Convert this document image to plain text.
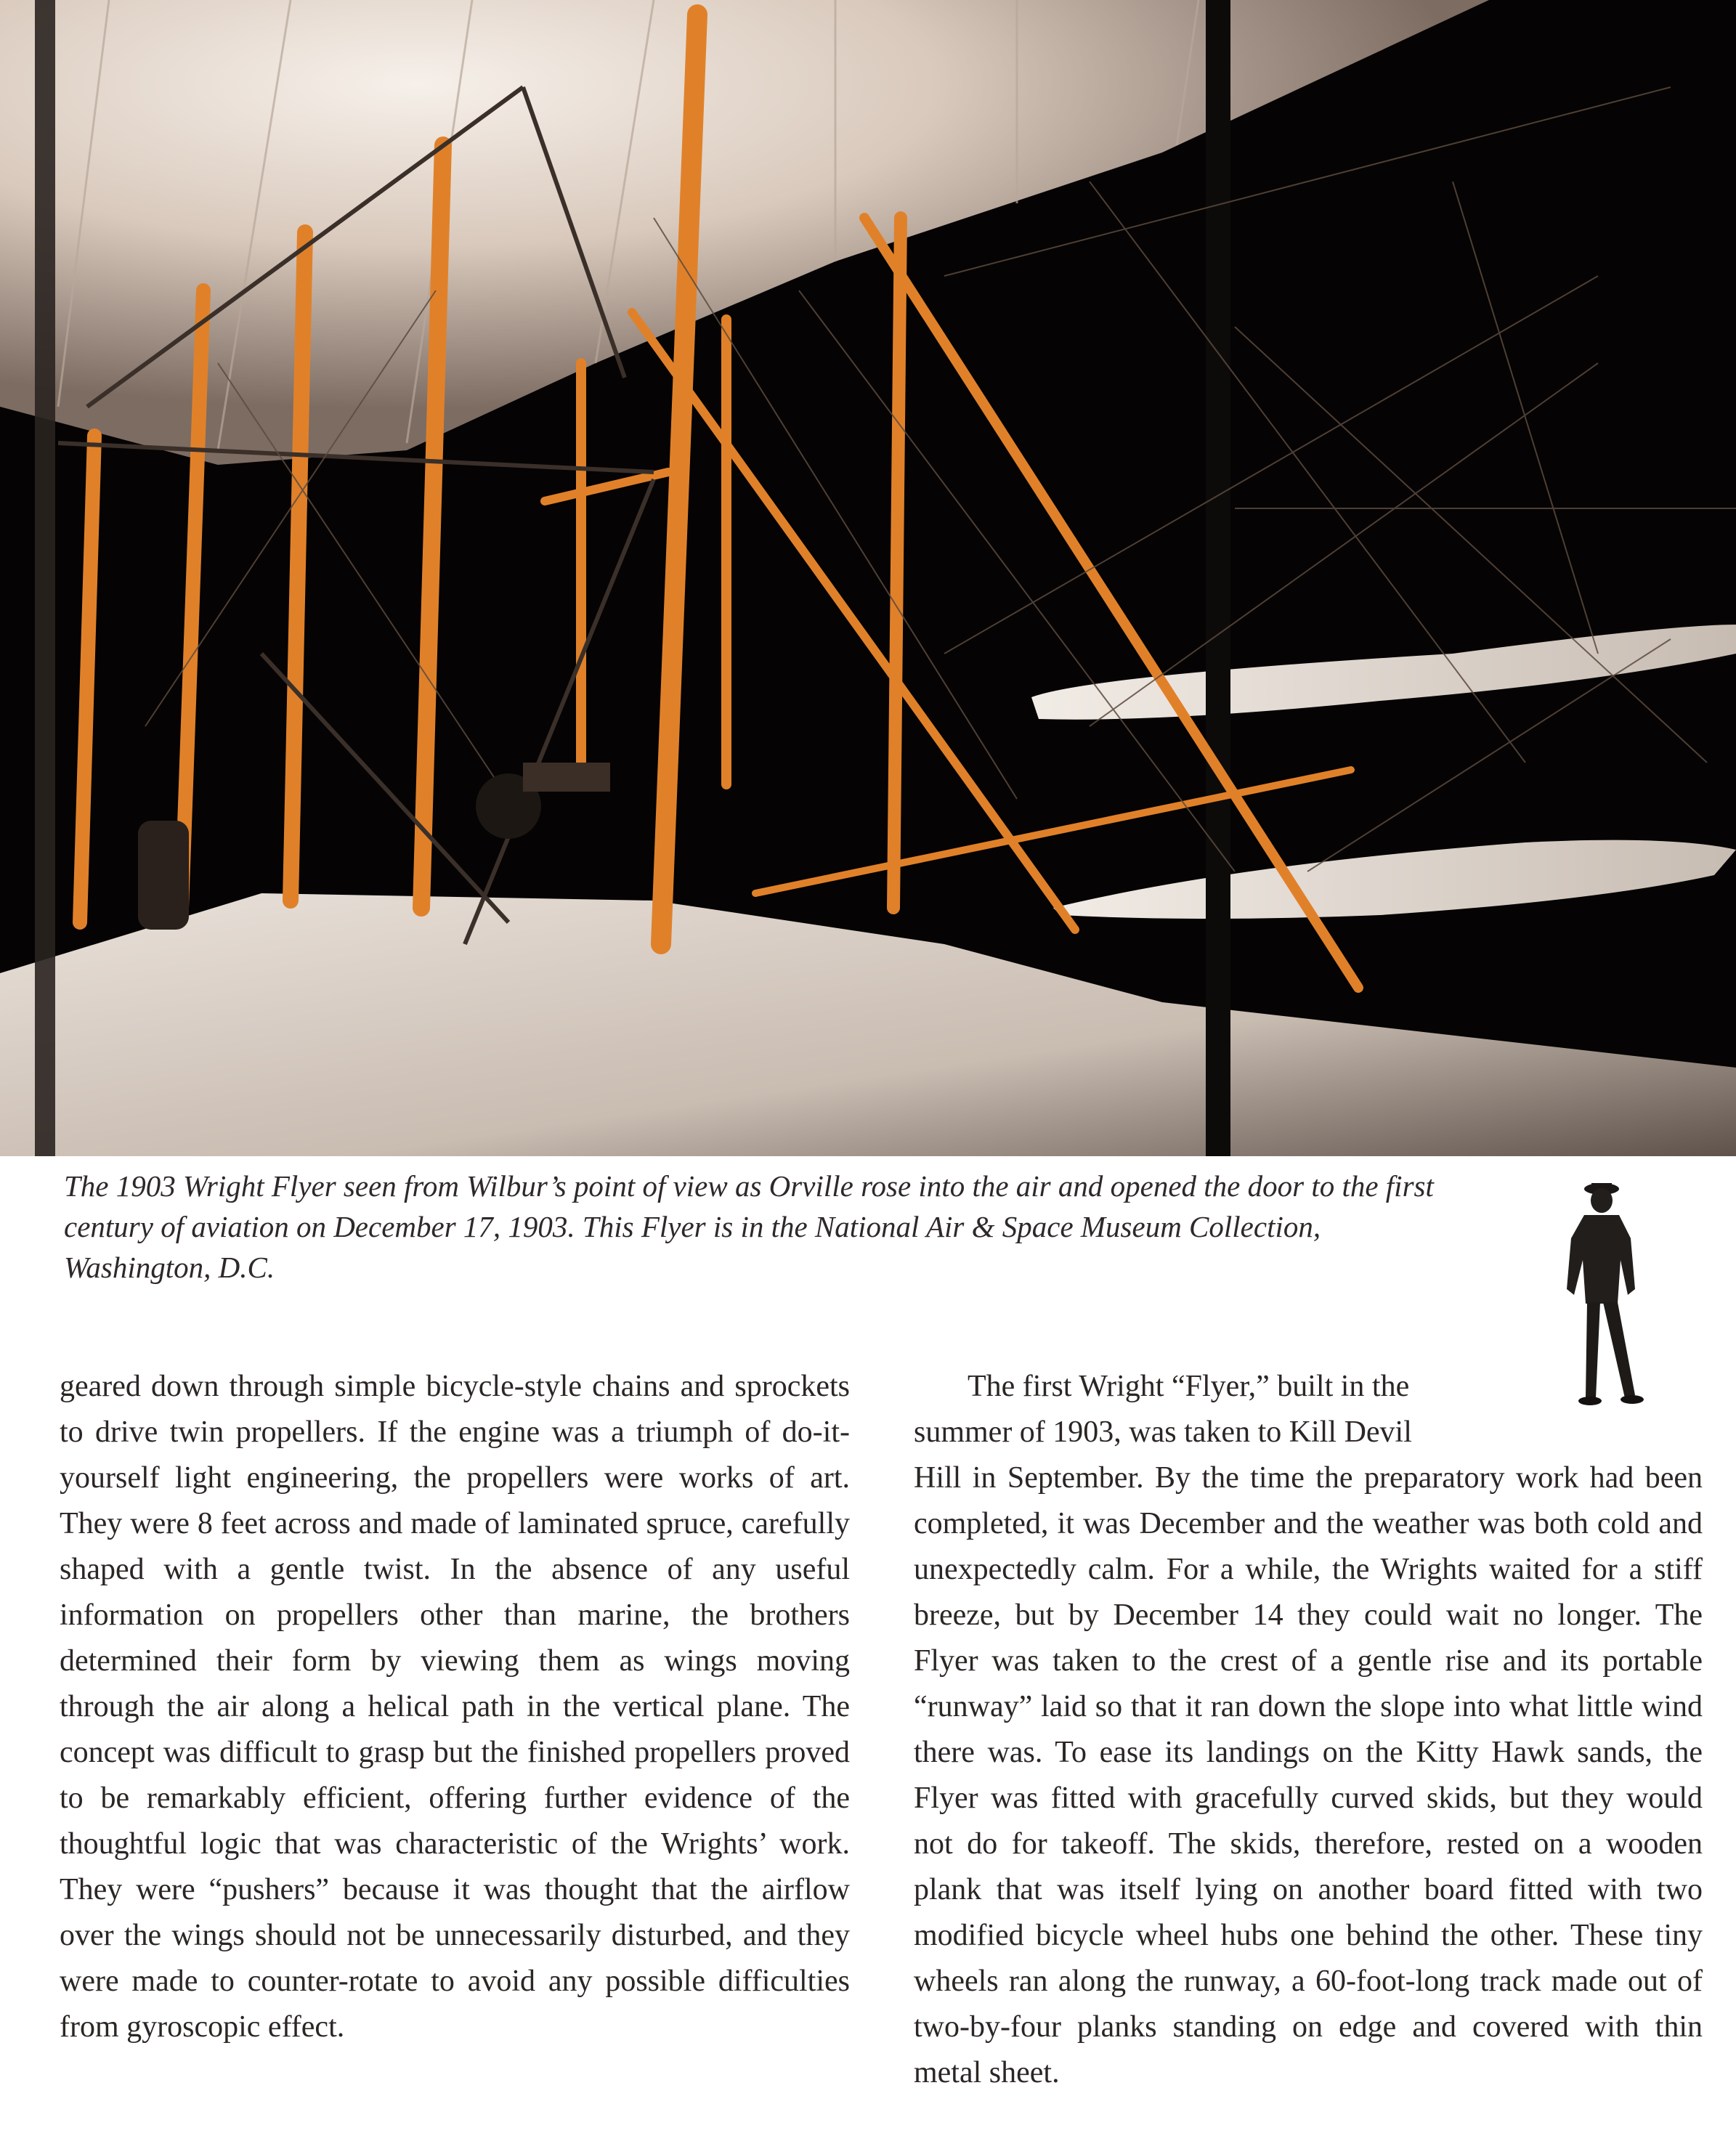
The 1903 Wright Flyer seen from Wilbur’s point of view as Orville rose into the air and opened the door to the first century of aviation on December 17, 1903. This Flyer is in the National Air & Space Museum Collection, Washington, D.C.

geared down through simple bicycle-style chains and sprockets to drive twin propellers. If the engine was a triumph of do-it-yourself light engineering, the propellers were works of art. They were 8 feet across and made of laminated spruce, carefully shaped with a gentle twist. In the absence of any useful information on propellers other than marine, the brothers determined their form by viewing them as wings moving through the air along a helical path in the vertical plane. The concept was difficult to grasp but the finished propellers proved to be remarkably efficient, offering further evidence of the thoughtful logic that was characteristic of the Wrights’ work. They were “pushers” because it was thought that the airflow over the wings should not be unnecessarily disturbed, and they were made to counter-rotate to avoid any possible difficulties from gyroscopic effect.

The first Wright “Flyer,” built in the
summer of 1903, was taken to Kill Devil

Hill in September. By the time the preparatory work had been completed, it was December and the weather was both cold and unexpectedly calm. For a while, the Wrights waited for a stiff breeze, but by December 14 they could wait no longer. The Flyer was taken to the crest of a gentle rise and its portable “runway” laid so that it ran down the slope into what little wind there was. To ease its landings on the Kitty Hawk sands, the Flyer was fitted with gracefully curved skids, but they would not do for takeoff. The skids, therefore, rested on a wooden plank that was itself lying on another board fitted with two modified bicycle wheel hubs one behind the other. These tiny wheels ran along the runway, a 60-foot-long track made out of two-by-four planks standing on edge and covered with thin metal sheet.
